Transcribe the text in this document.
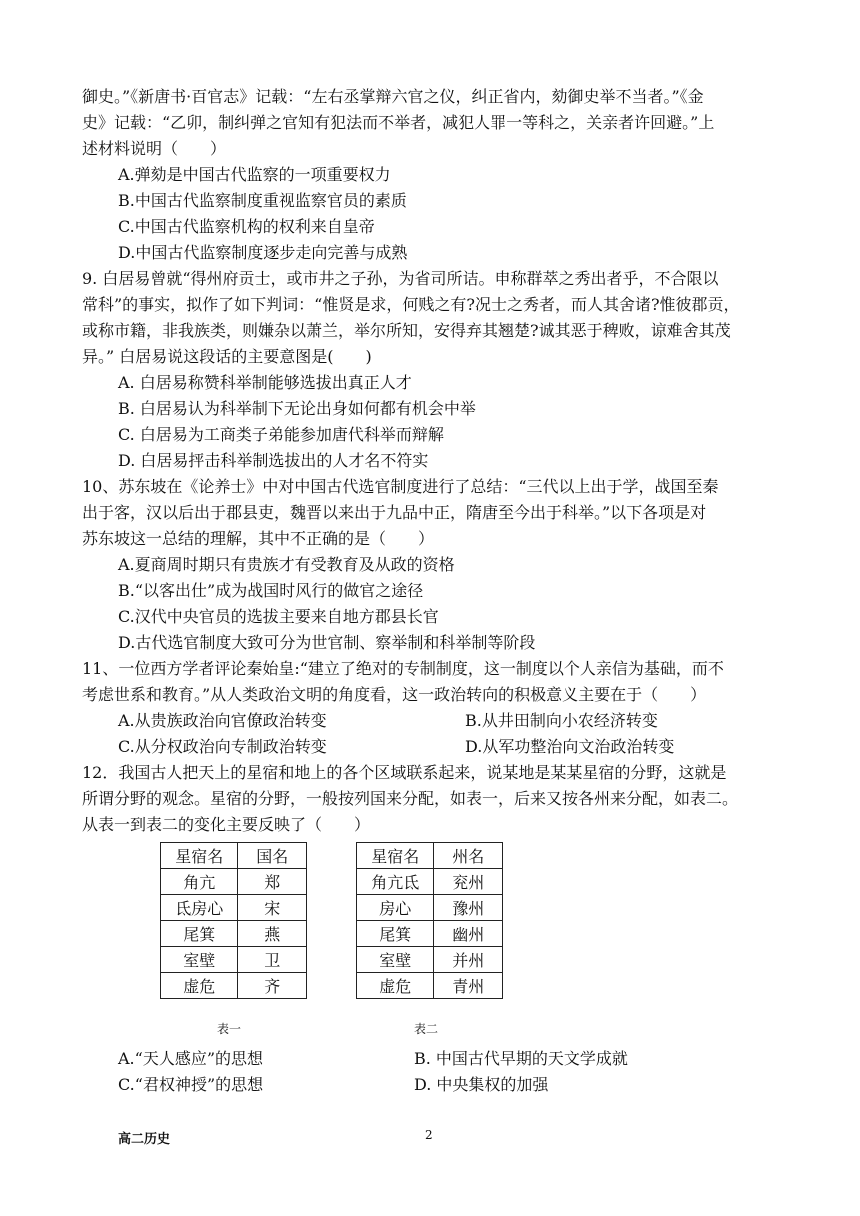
御史。”《新唐书·百官志》记载：“左右丞掌辩六官之仪，纠正省内，劾御史举不当者。”《金
史》记载：“乙卯，制纠弹之官知有犯法而不举者，减犯人罪一等科之，关亲者许回避。”上
述材料说明（　　）
A.弹劾是中国古代监察的一项重要权力
B.中国古代监察制度重视监察官员的素质
C.中国古代监察机构的权利来自皇帝
D.中国古代监察制度逐步走向完善与成熟
9. 白居易曾就“得州府贡士，或市井之子孙，为省司所诘。申称群萃之秀出者乎，不合限以
常科”的事实，拟作了如下判词：“惟贤是求，何贱之有?况士之秀者，而人其舍诸?惟彼郡贡，
或称市籍，非我族类，则嫌杂以萧兰，举尔所知，安得弃其翘楚?诚其恶于稗败，谅难舍其茂
异。” 白居易说这段话的主要意图是(　　)
A. 白居易称赞科举制能够选拔出真正人才
B. 白居易认为科举制下无论出身如何都有机会中举
C. 白居易为工商类子弟能参加唐代科举而辩解
D. 白居易抨击科举制选拔出的人才名不符实
10、苏东坡在《论养士》中对中国古代选官制度进行了总结：“三代以上出于学，战国至秦
出于客，汉以后出于郡县吏，魏晋以来出于九品中正，隋唐至今出于科举。”以下各项是对
苏东坡这一总结的理解，其中不正确的是（　　）
A.夏商周时期只有贵族才有受教育及从政的资格
B.“以客出仕”成为战国时风行的做官之途径
C.汉代中央官员的选拔主要来自地方郡县长官
D.古代选官制度大致可分为世官制、察举制和科举制等阶段
11、一位西方学者评论秦始皇:“建立了绝对的专制制度，这一制度以个人亲信为基础，而不
考虑世系和教育。”从人类政治文明的角度看，这一政治转向的积极意义主要在于（　　）
A.从贵族政治向官僚政治转变	B.从井田制向小农经济转变
C.从分权政治向专制政治转变	D.从军功整治向文治政治转变
12．我国古人把天上的星宿和地上的各个区域联系起来，说某地是某某星宿的分野，这就是
所谓分野的观念。星宿的分野，一般按列国来分配，如表一，后来又按各州来分配，如表二。
从表一到表二的变化主要反映了（　　）
星宿名	国名
角亢	郑
氐房心	宋
尾箕	燕
室壁	卫
虚危	齐
星宿名	州名
角亢氐	兖州
房心	豫州
尾箕	幽州
室壁	并州
虚危	青州
表一	表二
A.“天人感应”的思想	B. 中国古代早期的天文学成就
C.“君权神授”的思想	D. 中央集权的加强
高二历史	2
